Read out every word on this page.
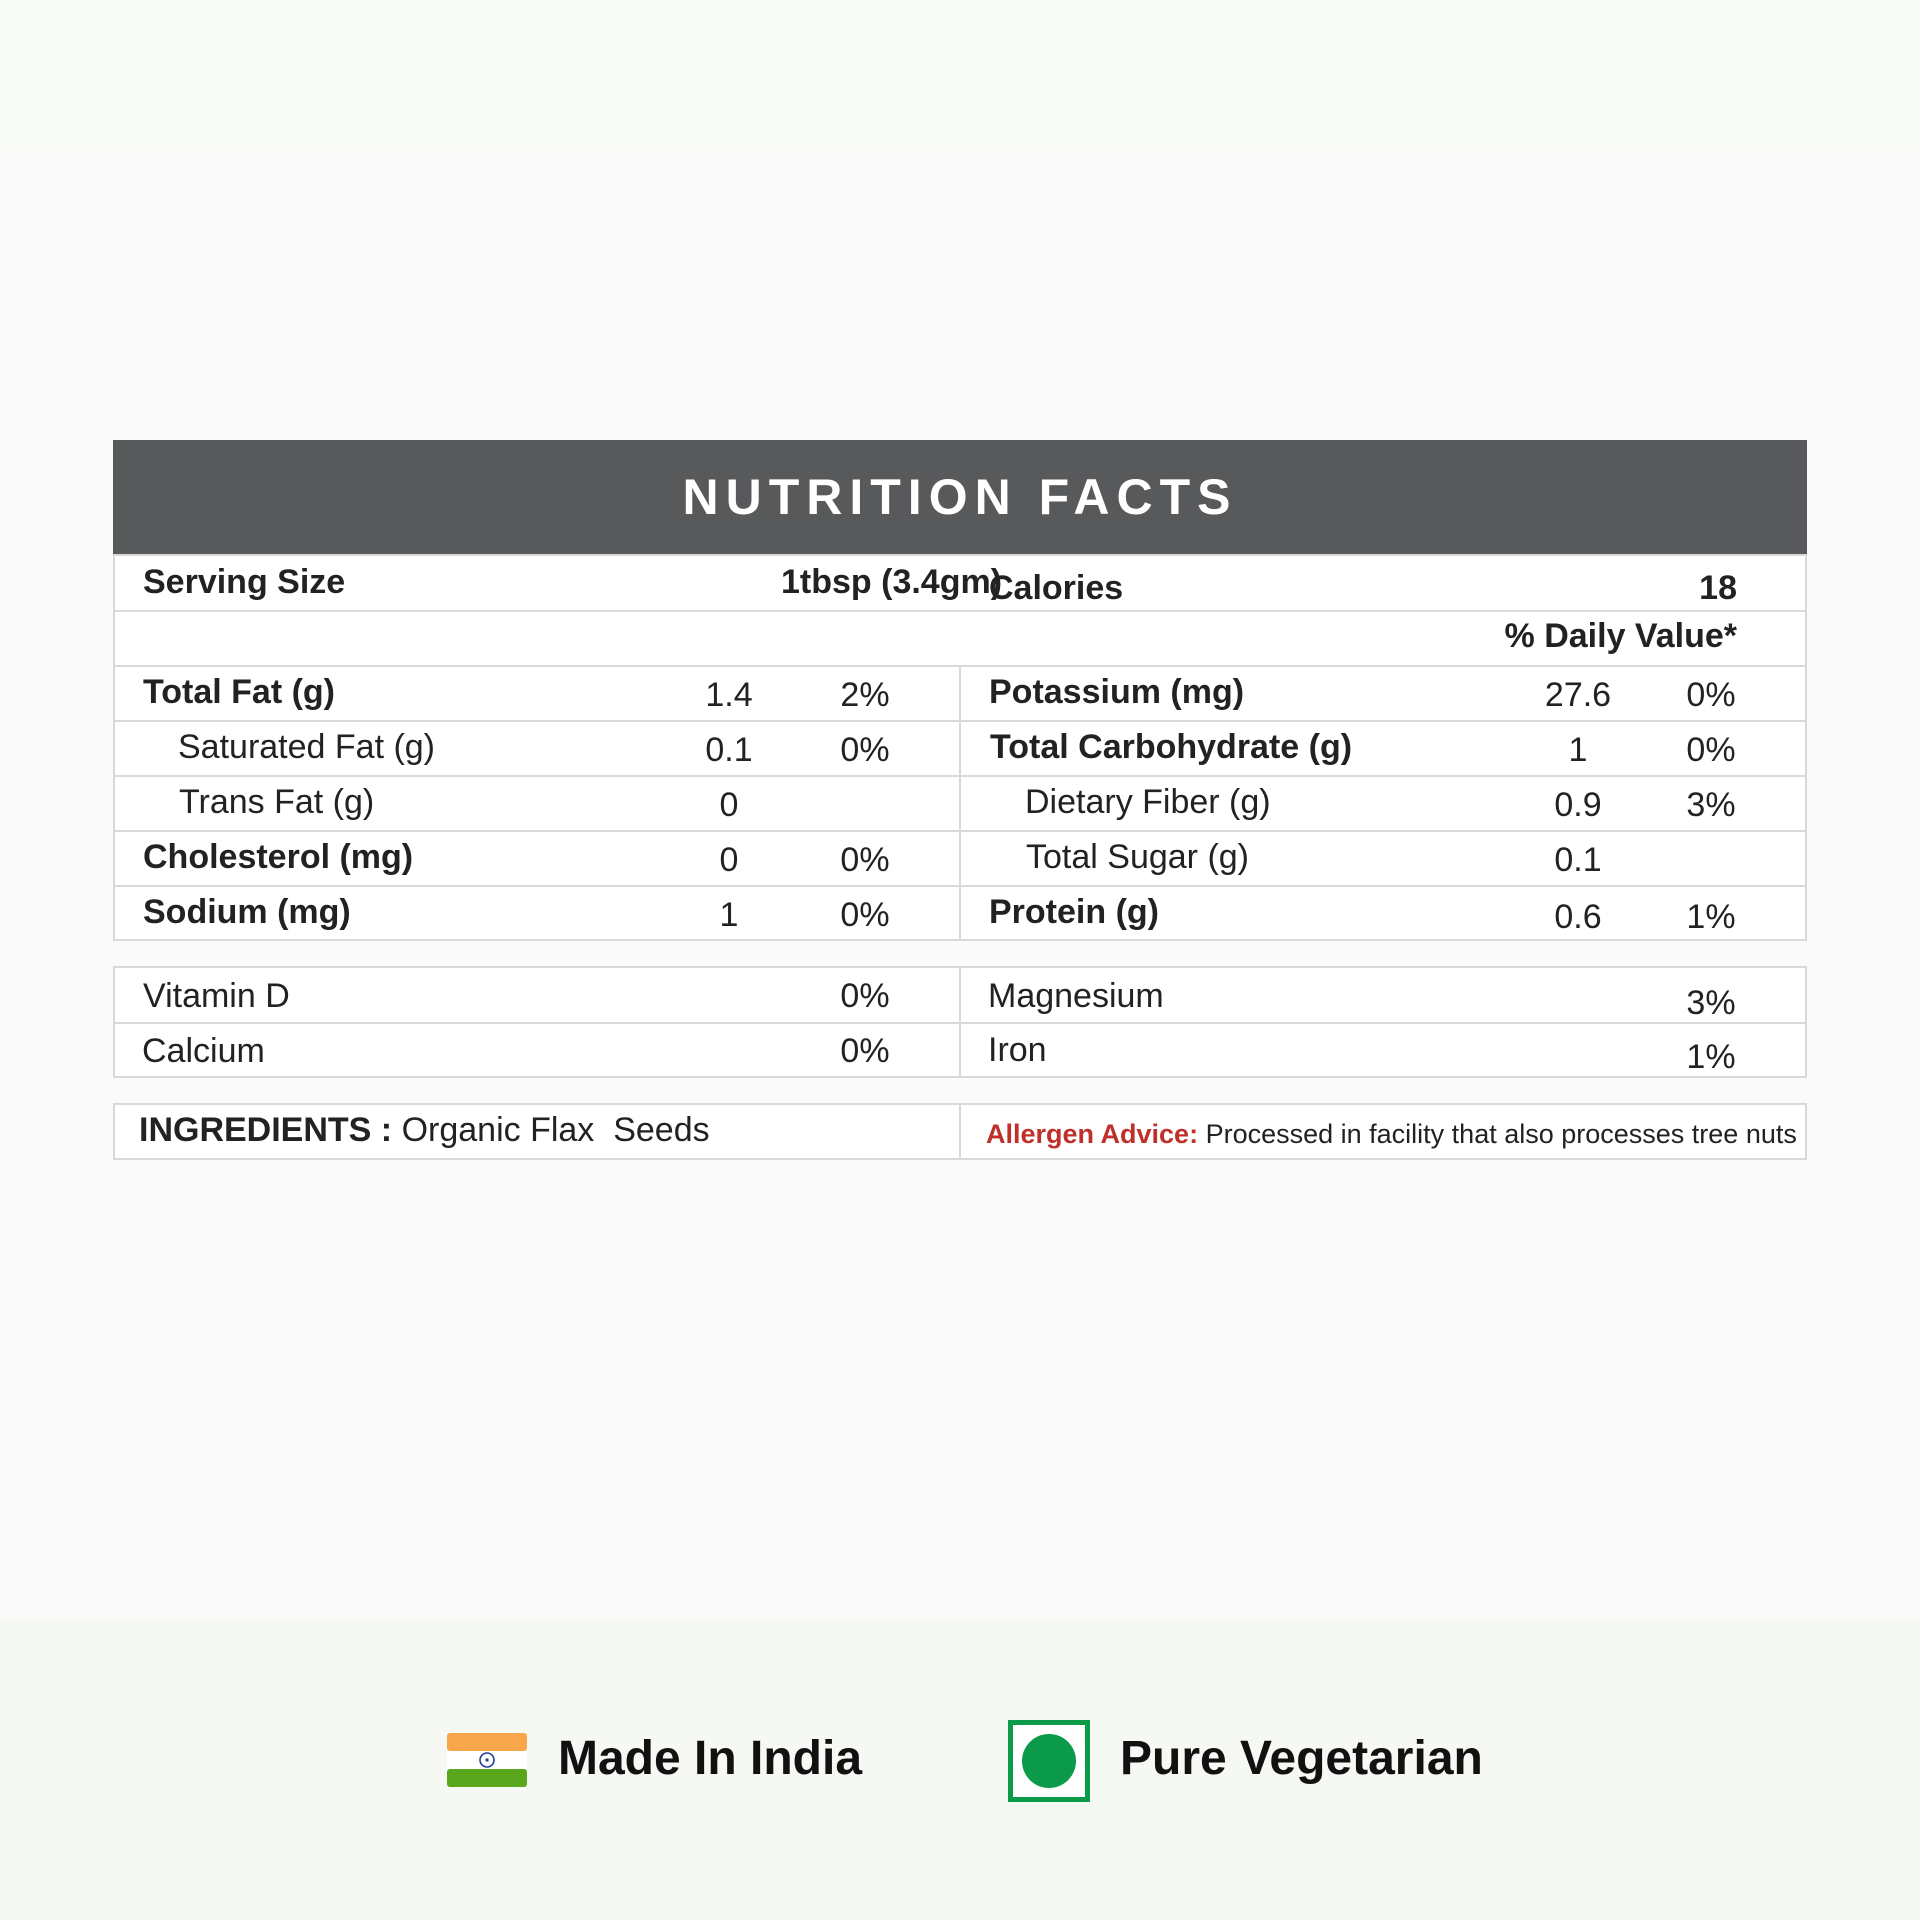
NUTRITION FACTS
Serving Size	1tbsp (3.4gm)
Calories	18
% Daily Value*
Total Fat (g)	1.4	2%
Saturated Fat (g)	0.1	0%
Trans Fat (g)	0
Cholesterol (mg)	0	0%
Sodium (mg)	1	0%
Potassium (mg)	27.6 0%
Total Carbohydrate (g)	1	0%
Dietary Fiber (g)	0.9 3%
Total Sugar (g)	0.1
Protein (g)	0.6 1%
Vitamin D	0%
Calcium	0%
Magnesium	3%
Iron	1%
INGREDIENTS : Organic Flax  Seeds	Allergen Advice: Processed in facility that also processes tree nuts
Made In India	Pure Vegetarian
